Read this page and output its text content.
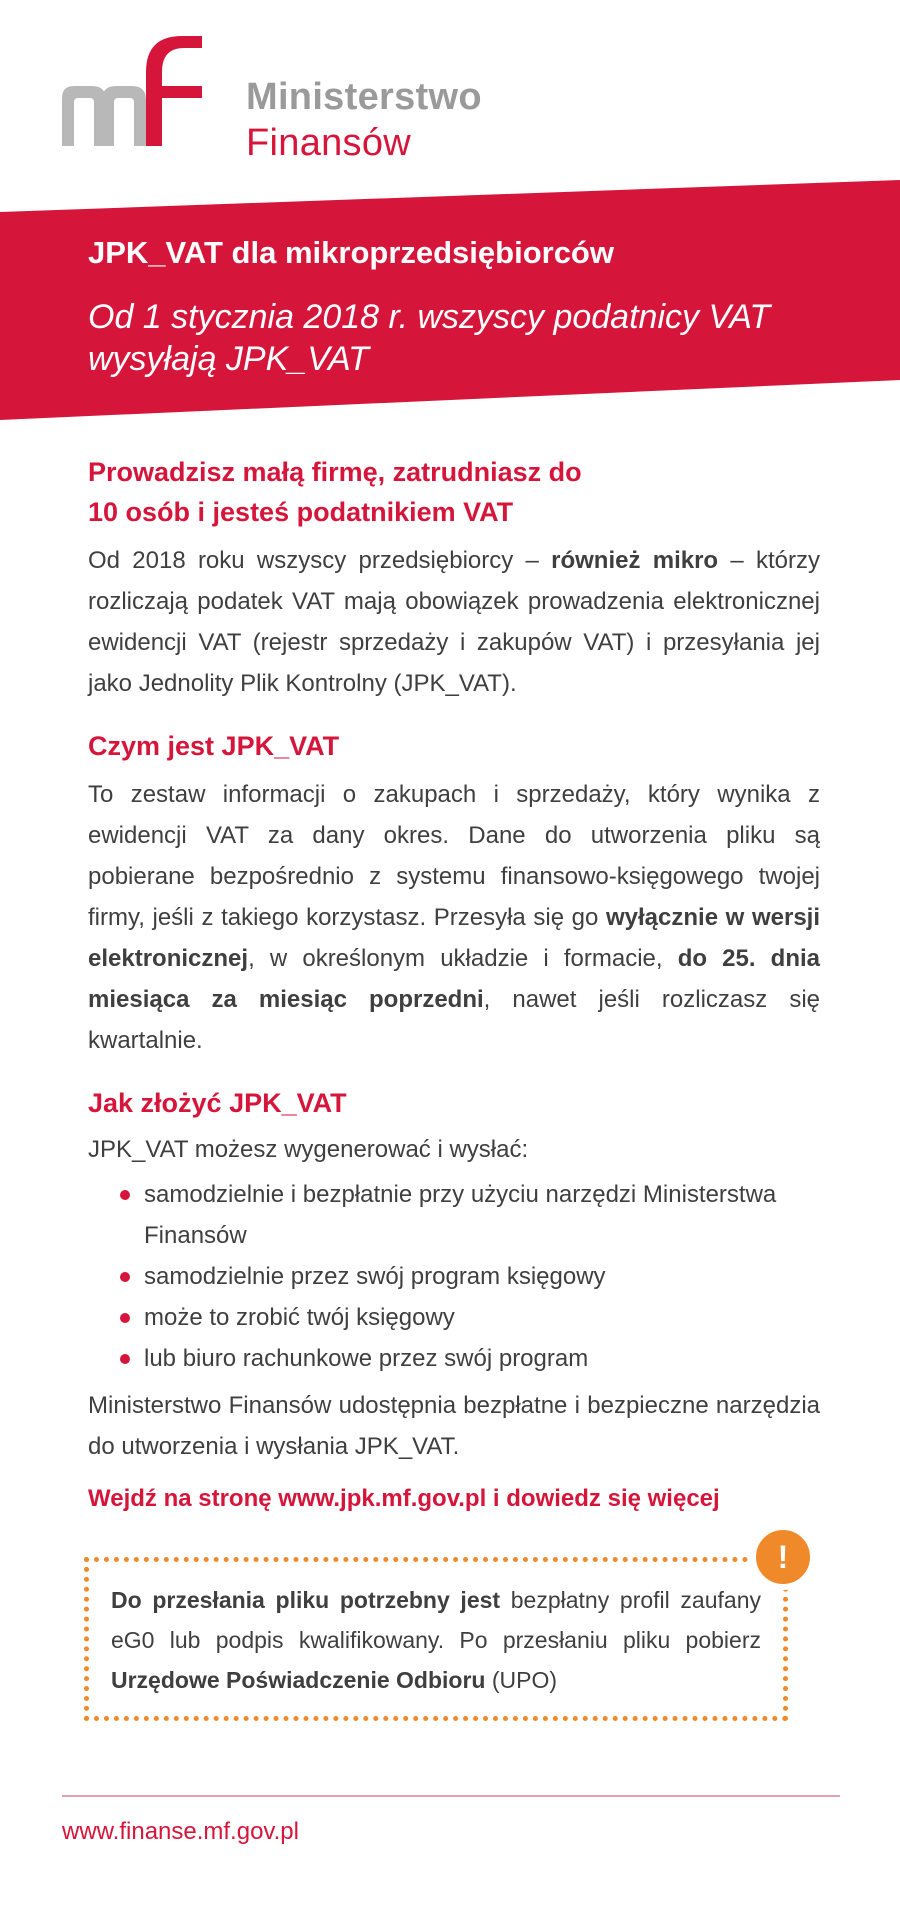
Ministerstwo
Finansów
JPK_VAT dla mikroprzedsiębiorców
Od 1 stycznia 2018 r. wszyscy podatnicy VAT
wysyłają JPK_VAT
Prowadzisz małą firmę, zatrudniasz do
10 osób i jesteś podatnikiem VAT

Od 2018 roku wszyscy przedsiębiorcy – również mikro – którzy rozliczają podatek VAT mają obowiązek prowadzenia elektronicznej ewidencji VAT (rejestr sprzedaży i zakupów VAT) i przesyłania jej jako Jednolity Plik Kontrolny (JPK_VAT).

Czym jest JPK_VAT

To zestaw informacji o zakupach i sprzedaży, który wynika z ewidencji VAT za dany okres. Dane do utworzenia pliku są pobierane bezpośrednio z systemu finansowo-księgowego twojej firmy, jeśli z takiego korzystasz. Przesyła się go wyłącznie w wersji elektronicznej, w określonym układzie i formacie, do 25. dnia miesiąca za miesiąc poprzedni, nawet jeśli rozliczasz się kwartalnie.

Jak złożyć JPK_VAT

JPK_VAT możesz wygenerować i wysłać:

samodzielnie i bezpłatnie przy użyciu narzędzi Ministerstwa Finansów
samodzielnie przez swój program księgowy
może to zrobić twój księgowy
lub biuro rachunkowe przez swój program

Ministerstwo Finansów udostępnia bezpłatne i bezpieczne narzędzia do utworzenia i wysłania JPK_VAT.

Wejdź na stronę www.jpk.mf.gov.pl i dowiedz się więcej

Do przesłania pliku potrzebny jest bezpłatny profil zaufany eG0 lub podpis kwalifikowany. Po przesłaniu pliku pobierz Urzędowe Poświadczenie Odbioru (UPO)

!
www.finanse.mf.gov.pl
